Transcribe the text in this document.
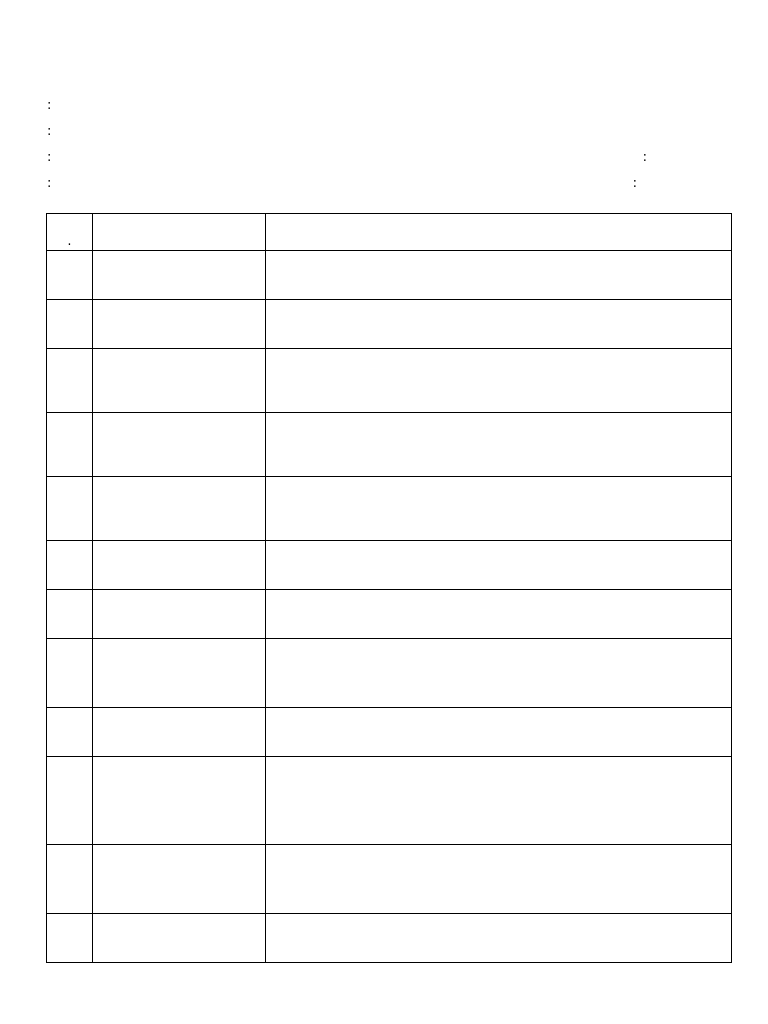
:
:
:	:
:	:

.		
